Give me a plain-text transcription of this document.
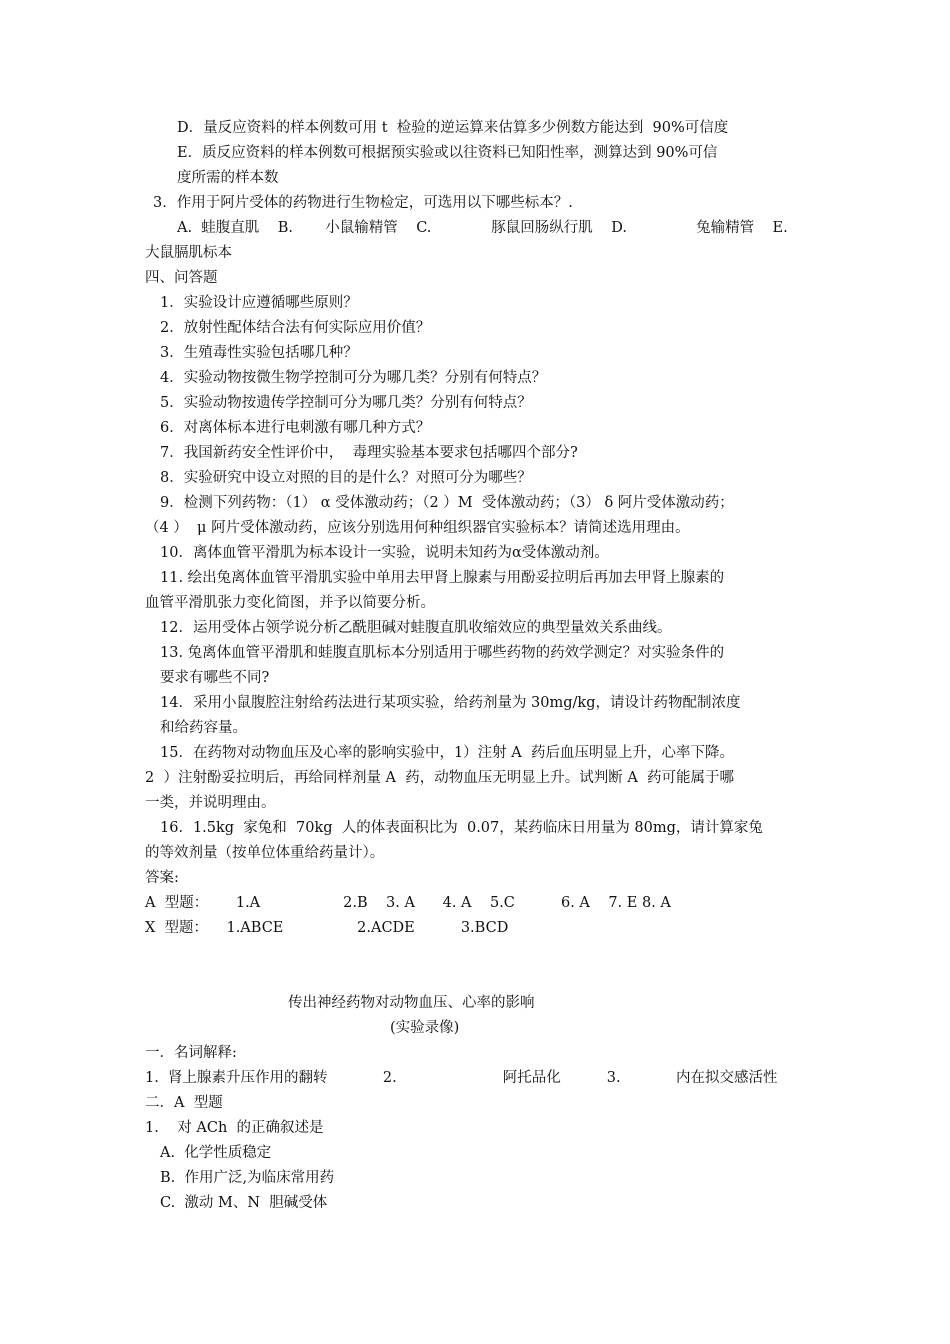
D．量反应资料的样本例数可用 t  检验的逆运算来估算多少例数方能达到  90%可信度
E．质反应资料的样本例数可根据预实验或以往资料已知阳性率，测算达到 90%可信
度所需的样本数
3．作用于阿片受体的药物进行生物检定，可选用以下哪些标本？.
A.  蛙腹直肌    B.       小鼠输精管    C.             豚鼠回肠纵行肌    D.               兔输精管    E.
大鼠膈肌标本
四、问答题
1．实验设计应遵循哪些原则？
2．放射性配体结合法有何实际应用价值？
3．生殖毒性实验包括哪几种？
4．实验动物按微生物学控制可分为哪几类？分别有何特点？
5．实验动物按遗传学控制可分为哪几类？分别有何特点？
6．对离体标本进行电刺激有哪几种方式？
7．我国新药安全性评价中，  毒理实验基本要求包括哪四个部分?
8．实验研究中设立对照的目的是什么？对照可分为哪些？
9．检测下列药物：（1） α 受体激动药；（2 ）M  受体激动药；（3） δ 阿片受体激动药；
（4 ）  μ 阿片受体激动药，应该分别选用何种组织器官实验标本？请简述选用理由。
10．离体血管平滑肌为标本设计一实验，说明未知药为α受体激动剂。
11. 绘出兔离体血管平滑肌实验中单用去甲肾上腺素与用酚妥拉明后再加去甲肾上腺素的
血管平滑肌张力变化简图，并予以简要分析。
12．运用受体占领学说分析乙酰胆碱对蛙腹直肌收缩效应的典型量效关系曲线。
13. 兔离体血管平滑肌和蛙腹直肌标本分别适用于哪些药物的药效学测定？对实验条件的
要求有哪些不同?
14．采用小鼠腹腔注射给药法进行某项实验，给药剂量为 30mg/kg，请设计药物配制浓度
和给药容量。
15．在药物对动物血压及心率的影响实验中，1）注射 A  药后血压明显上升，心率下降。
2  ）注射酚妥拉明后，再给同样剂量 A  药，动物血压无明显上升。试判断 A  药可能属于哪
一类，并说明理由。
16．1.5kg  家兔和  70kg  人的体表面积比为  0.07，某药临床日用量为 80mg，请计算家兔
的等效剂量（按单位体重给药量计）。
答案:
A  型题：      1.A                  2.B    3. A      4. A    5.C          6. A    7. E 8. A
X  型题：    1.ABCE                2.ACDE          3.BCD
传出神经药物对动物血压、心率的影响
(实验录像)
一．名词解释:
1.  肾上腺素升压作用的翻转            2.                       阿托品化          3.            内在拟交感活性
二．A  型题
1.    对 ACh  的正确叙述是
A.  化学性质稳定
B.  作用广泛,为临床常用药
C.  激动 M、N  胆碱受体
